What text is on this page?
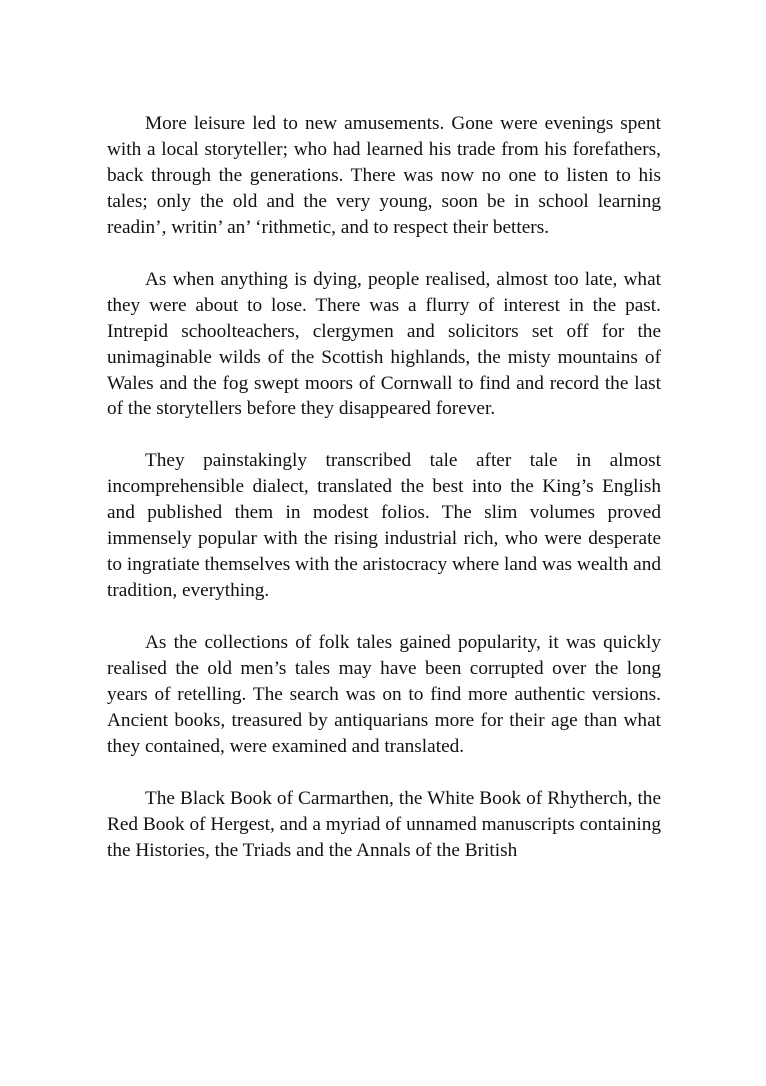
More leisure led to new amusements. Gone were evenings spent with a local storyteller; who had learned his trade from his forefathers, back through the generations. There was now no one to listen to his tales; only the old and the very young, soon be in school learning readin’, writin’ an’ ‘rithmetic, and to respect their betters.

As when anything is dying, people realised, almost too late, what they were about to lose. There was a flurry of interest in the past. Intrepid schoolteachers, clergymen and solicitors set off for the unimaginable wilds of the Scottish highlands, the misty mountains of Wales and the fog swept moors of Cornwall to find and record the last of the storytellers before they disappeared forever.

They painstakingly transcribed tale after tale in almost incomprehensible dialect, translated the best into the King’s English and published them in modest folios. The slim volumes proved immensely popular with the rising industrial rich, who were desperate to ingratiate themselves with the aristocracy where land was wealth and tradition, everything.

As the collections of folk tales gained popularity, it was quickly realised the old men’s tales may have been corrupted over the long years of retelling. The search was on to find more authentic versions. Ancient books, treasured by antiquarians more for their age than what they contained, were examined and translated.

The Black Book of Carmarthen, the White Book of Rhytherch, the Red Book of Hergest, and a myriad of unnamed manuscripts containing the Histories, the Triads and the Annals of the British
